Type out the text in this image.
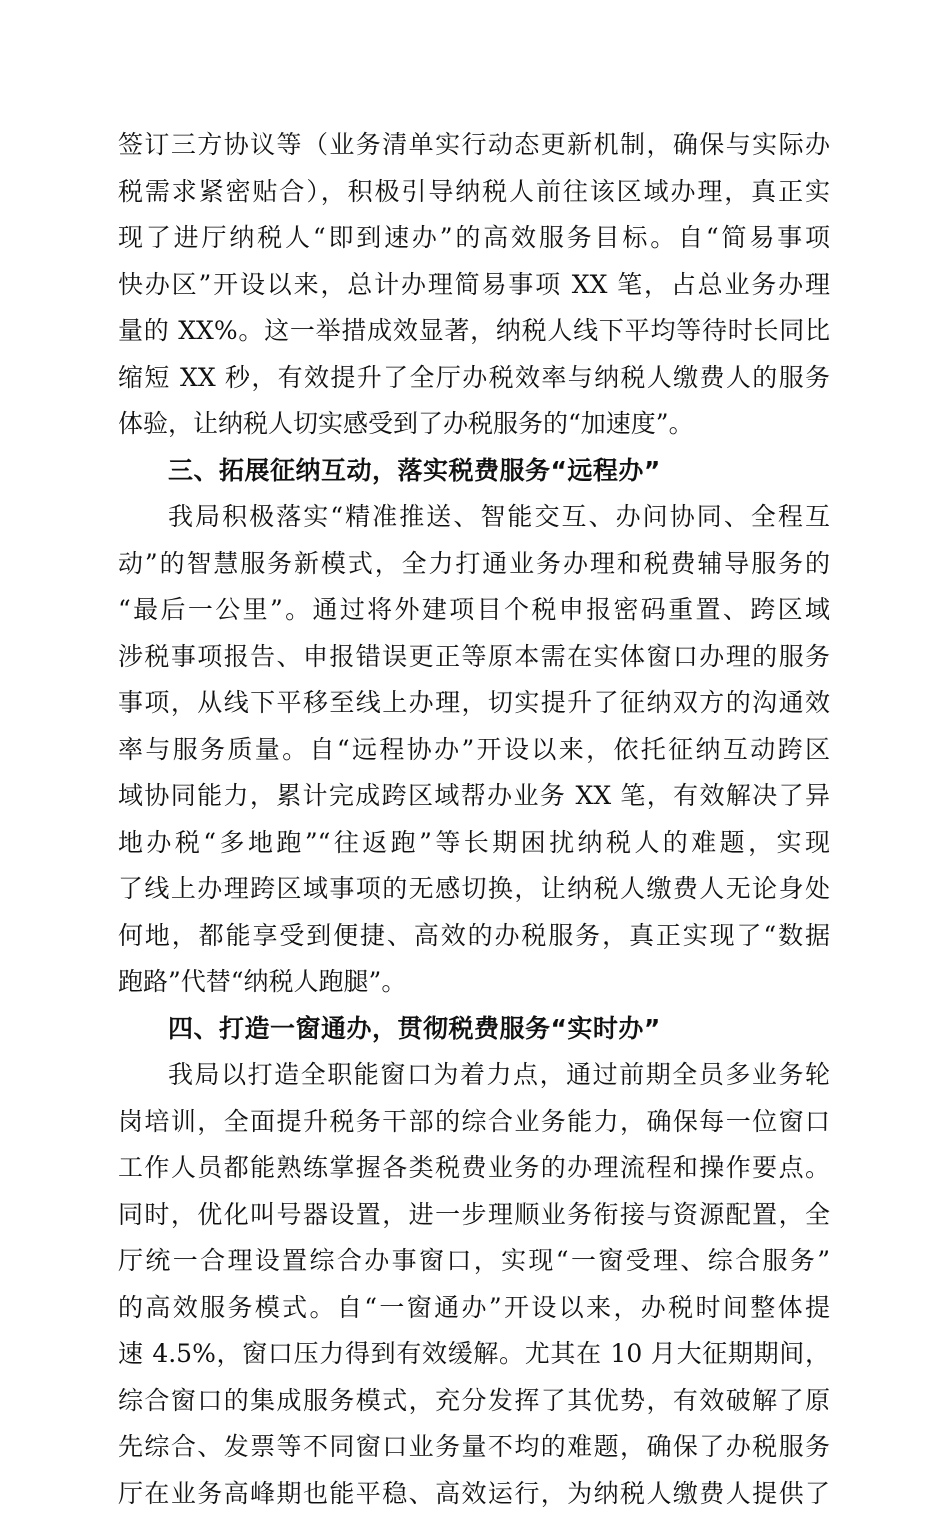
签订三方协议等（业务清单实行动态更新机制，确保与实际办
税需求紧密贴合），积极引导纳税人前往该区域办理，真正实
现了进厅纳税人“即到速办”的高效服务目标。自“简易事项
快办区”开设以来，总计办理简易事项 XX 笔，占总业务办理
量的 XX%。这一举措成效显著，纳税人线下平均等待时长同比
缩短 XX 秒，有效提升了全厅办税效率与纳税人缴费人的服务
体验，让纳税人切实感受到了办税服务的“加速度”。
三、拓展征纳互动，落实税费服务“远程办”
我局积极落实“精准推送、智能交互、办问协同、全程互
动”的智慧服务新模式，全力打通业务办理和税费辅导服务的
“最后一公里”。通过将外建项目个税申报密码重置、跨区域
涉税事项报告、申报错误更正等原本需在实体窗口办理的服务
事项，从线下平移至线上办理，切实提升了征纳双方的沟通效
率与服务质量。自“远程协办”开设以来，依托征纳互动跨区
域协同能力，累计完成跨区域帮办业务 XX 笔，有效解决了异
地办税“多地跑”“往返跑”等长期困扰纳税人的难题，实现
了线上办理跨区域事项的无感切换，让纳税人缴费人无论身处
何地，都能享受到便捷、高效的办税服务，真正实现了“数据
跑路”代替“纳税人跑腿”。
四、打造一窗通办，贯彻税费服务“实时办”
我局以打造全职能窗口为着力点，通过前期全员多业务轮
岗培训，全面提升税务干部的综合业务能力，确保每一位窗口
工作人员都能熟练掌握各类税费业务的办理流程和操作要点。
同时，优化叫号器设置，进一步理顺业务衔接与资源配置，全
厅统一合理设置综合办事窗口，实现“一窗受理、综合服务”
的高效服务模式。自“一窗通办”开设以来，办税时间整体提
速 4.5%，窗口压力得到有效缓解。尤其在 10 月大征期期间，
综合窗口的集成服务模式，充分发挥了其优势，有效破解了原
先综合、发票等不同窗口业务量不均的难题，确保了办税服务
厅在业务高峰期也能平稳、高效运行，为纳税人缴费人提供了
